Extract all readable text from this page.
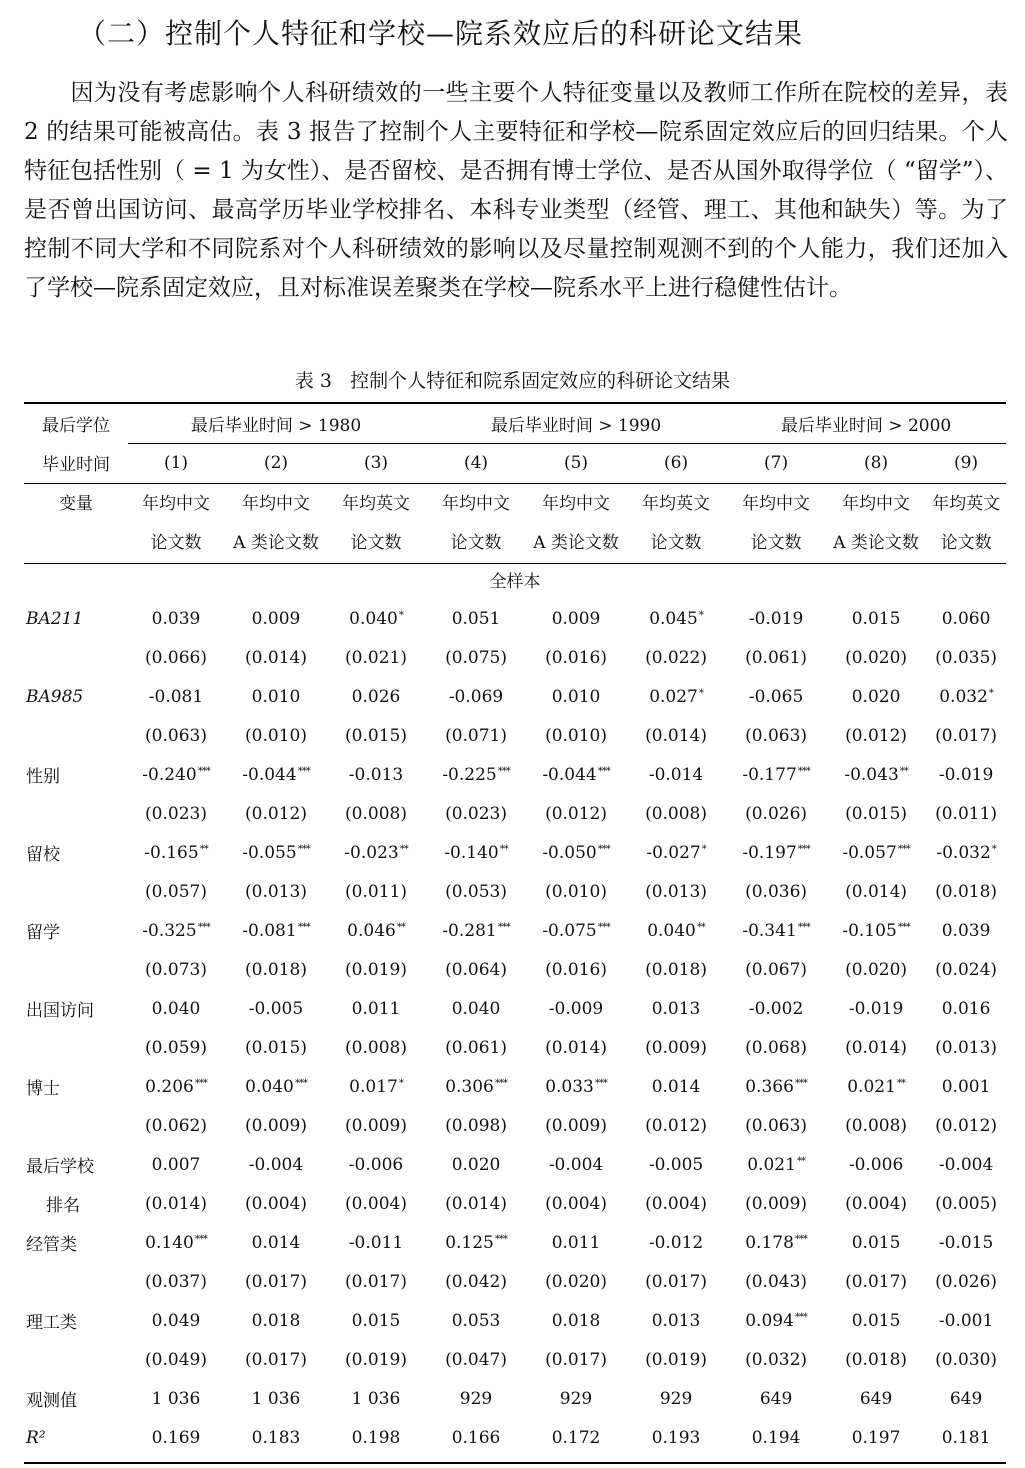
（二）控制个人特征和学校—院系效应后的科研论文结果
因为没有考虑影响个人科研绩效的一些主要个人特征变量以及教师工作所在院校的差异，表 2 的结果可能被高估。表 3 报告了控制个人主要特征和学校—院系固定效应后的回归结果。个人特征包括性别（ = 1 为女性）、是否留校、是否拥有博士学位、是否从国外取得学位（ “留学”）、是否曾出国访问、最高学历毕业学校排名、本科专业类型（经管、理工、其他和缺失）等。为了控制不同大学和不同院系对个人科研绩效的影响以及尽量控制观测不到的个人能力，我们还加入了学校—院系固定效应，且对标准误差聚类在学校—院系水平上进行稳健性估计。
表 3   控制个人特征和院系固定效应的科研论文结果
最后学位	最后毕业时间 > 1980			最后毕业时间 > 1990			最后毕业时间 > 2000		
毕业时间	(1)	(2)	(3)	(4)	(5)	(6)	(7)	(8)	(9)
变量	年均中文	年均中文	年均英文	年均中文	年均中文	年均英文	年均中文	年均中文	年均英文
	论文数	A 类论文数	论文数	论文数	A 类论文数	论文数	论文数	A 类论文数	论文数
全样本									
BA211	0.039	0.009	0.040*	0.051	0.009	0.045*	-0.019	0.015	0.060
	(0.066)	(0.014)	(0.021)	(0.075)	(0.016)	(0.022)	(0.061)	(0.020)	(0.035)
BA985	-0.081	0.010	0.026	-0.069	0.010	0.027*	-0.065	0.020	0.032*
	(0.063)	(0.010)	(0.015)	(0.071)	(0.010)	(0.014)	(0.063)	(0.012)	(0.017)
性别	-0.240***	-0.044***	-0.013	-0.225***	-0.044***	-0.014	-0.177***	-0.043**	-0.019
	(0.023)	(0.012)	(0.008)	(0.023)	(0.012)	(0.008)	(0.026)	(0.015)	(0.011)
留校	-0.165**	-0.055***	-0.023**	-0.140**	-0.050***	-0.027*	-0.197***	-0.057***	-0.032*
	(0.057)	(0.013)	(0.011)	(0.053)	(0.010)	(0.013)	(0.036)	(0.014)	(0.018)
留学	-0.325***	-0.081***	0.046**	-0.281***	-0.075***	0.040**	-0.341***	-0.105***	0.039
	(0.073)	(0.018)	(0.019)	(0.064)	(0.016)	(0.018)	(0.067)	(0.020)	(0.024)
出国访问	0.040	-0.005	0.011	0.040	-0.009	0.013	-0.002	-0.019	0.016
	(0.059)	(0.015)	(0.008)	(0.061)	(0.014)	(0.009)	(0.068)	(0.014)	(0.013)
博士	0.206***	0.040***	0.017*	0.306***	0.033***	0.014	0.366***	0.021**	0.001
	(0.062)	(0.009)	(0.009)	(0.098)	(0.009)	(0.012)	(0.063)	(0.008)	(0.012)
最后学校	0.007	-0.004	-0.006	0.020	-0.004	-0.005	0.021**	-0.006	-0.004
排名	(0.014)	(0.004)	(0.004)	(0.014)	(0.004)	(0.004)	(0.009)	(0.004)	(0.005)
经管类	0.140***	0.014	-0.011	0.125***	0.011	-0.012	0.178***	0.015	-0.015
	(0.037)	(0.017)	(0.017)	(0.042)	(0.020)	(0.017)	(0.043)	(0.017)	(0.026)
理工类	0.049	0.018	0.015	0.053	0.018	0.013	0.094***	0.015	-0.001
	(0.049)	(0.017)	(0.019)	(0.047)	(0.017)	(0.019)	(0.032)	(0.018)	(0.030)
观测值	1 036	1 036	1 036	929	929	929	649	649	649
R²	0.169	0.183	0.198	0.166	0.172	0.193	0.194	0.197	0.181
